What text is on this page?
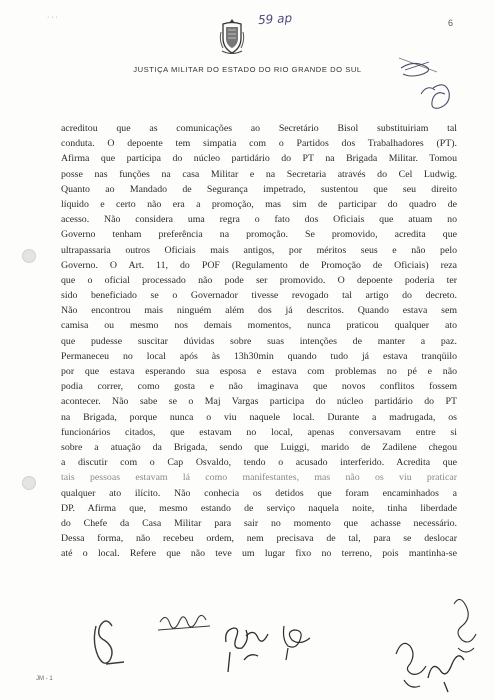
· · ·	59 ap	6
JUSTIÇA MILITAR DO ESTADO DO RIO GRANDE DO SUL
acreditou que as comunicações ao Secretário Bisol substituiriam tal
conduta. O depoente tem simpatia com o Partidos dos Trabalhadores (PT).
Afirma que participa do núcleo partidário do PT na Brigada Militar. Tomou
posse nas funções na casa Militar e na Secretaria através do Cel Ludwig.
Quanto ao Mandado de Segurança impetrado, sustentou que seu direito
líquido e certo não era a promoção, mas sim de participar do quadro de
acesso. Não considera uma regra o fato dos Oficiais que atuam no
Governo tenham preferência na promoção. Se promovido, acredita que
ultrapassaria outros Oficiais mais antigos, por méritos seus e não pelo
Governo. O Art. 11, do POF (Regulamento de Promoção de Oficiais) reza
que o oficial processado não pode ser promovido. O depoente poderia ter
sido beneficiado se o Governador tivesse revogado tal artigo do decreto.
Não encontrou mais ninguém além dos já descritos. Quando estava sem
camisa ou mesmo nos demais momentos, nunca praticou qualquer ato
que pudesse suscitar dúvidas sobre suas intenções de manter a paz.
Permaneceu no local após às 13h30min quando tudo já estava tranqüilo
por que estava esperando sua esposa e estava com problemas no pé e não
podia correr, como gosta e não imaginava que novos conflitos fossem
acontecer. Não sabe se o Maj Vargas participa do núcleo partidário do PT
na Brigada, porque nunca o viu naquele local. Durante a madrugada, os
funcionários citados, que estavam no local, apenas conversavam entre si
sobre a atuação da Brigada, sendo que Luiggi, marido de Zadilene chegou
a discutir com o Cap Osvaldo, tendo o acusado interferido. Acredita que
tais pessoas estavam lá como manifestantes, mas não os viu praticar
qualquer ato ilícito. Não conhecia os detidos que foram encaminhados a
DP. Afirma que, mesmo estando de serviço naquela noite, tinha liberdade
do Chefe da Casa Militar para sair no momento que achasse necessário.
Dessa forma, não recebeu ordem, nem precisava de tal, para se deslocar
até o local. Refere que não teve um lugar fixo no terreno, pois mantinha-se
JM - 1
